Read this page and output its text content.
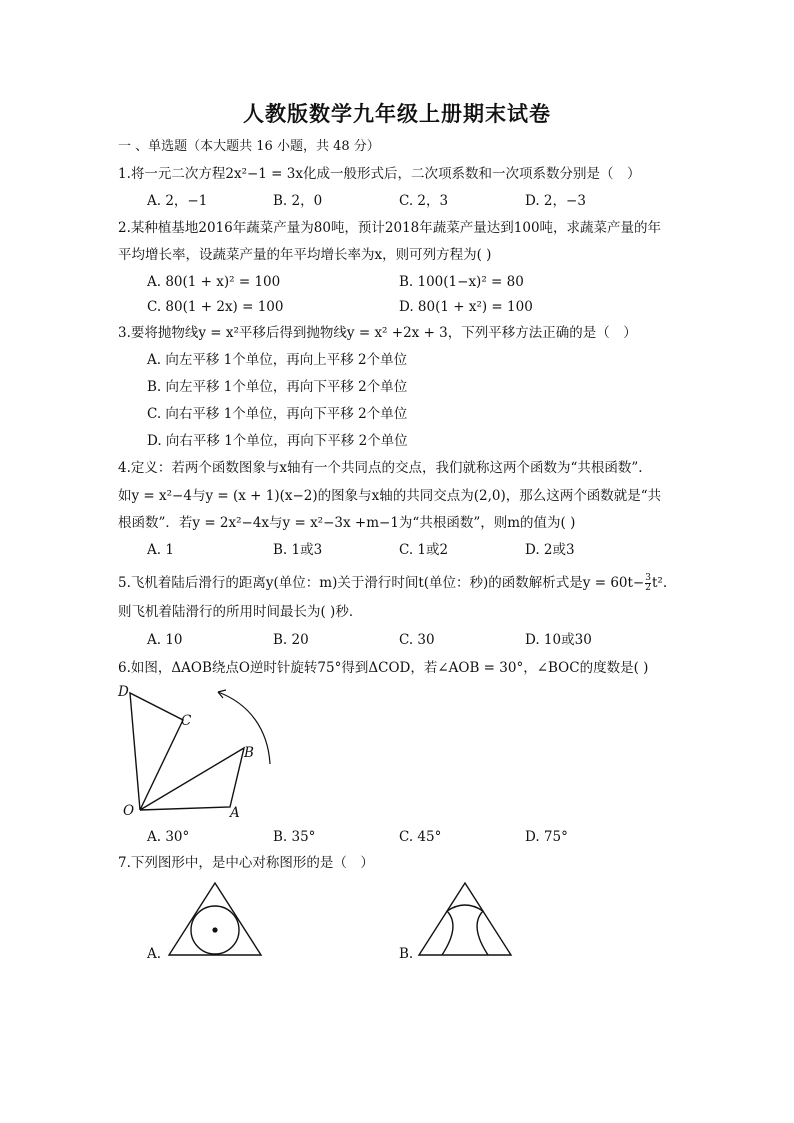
人教版数学九年级上册期末试卷
一 、单选题（本大题共 16 小题，共 48 分）
1.将一元二次方程2x²−1 = 3x化成一般形式后，二次项系数和一次项系数分别是（　）
A. 2，−1	B. 2，0	C. 2，3	D. 2，−3
2.某种植基地2016年蔬菜产量为80吨，预计2018年蔬菜产量达到100吨，求蔬菜产量的年
平均增长率，设蔬菜产量的年平均增长率为x，则可列方程为( )
A. 80(1 + x)² = 100	B. 100(1−x)² = 80
C. 80(1 + 2x) = 100	D. 80(1 + x²) = 100
3.要将抛物线y = x²平移后得到抛物线y = x² +2x + 3，下列平移方法正确的是（　）
A. 向左平移 1个单位，再向上平移 2个单位
B. 向左平移 1个单位，再向下平移 2个单位
C. 向右平移 1个单位，再向下平移 2个单位
D. 向右平移 1个单位，再向下平移 2个单位
4.定义：若两个函数图象与x轴有一个共同点的交点，我们就称这两个函数为“共根函数”.
如y = x²−4与y = (x + 1)(x−2)的图象与x轴的共同交点为(2,0)，那么这两个函数就是“共
根函数”．若y = 2x²−4x与y = x²−3x +m−1为“共根函数”，则m的值为( )
A. 1	B. 1或3	C. 1或2	D. 2或3
5.飞机着陆后滑行的距离y(单位：m)关于滑行时间t(单位：秒)的函数解析式是$y = 60t- \frac{3}{2} t^2$.
则飞机着陆滑行的所用时间最长为( )秒．
A. 10	B. 20	C. 30	D. 10或30
6.如图，ΔAOB绕点O逆时针旋转75°得到ΔCOD，若∠AOB = 30°，∠BOC的度数是( )
D
C
B
O	A
A. 30°	B. 35°	C. 45°	D. 75°
7.下列图形中，是中心对称图形的是（　）
A.	B.
